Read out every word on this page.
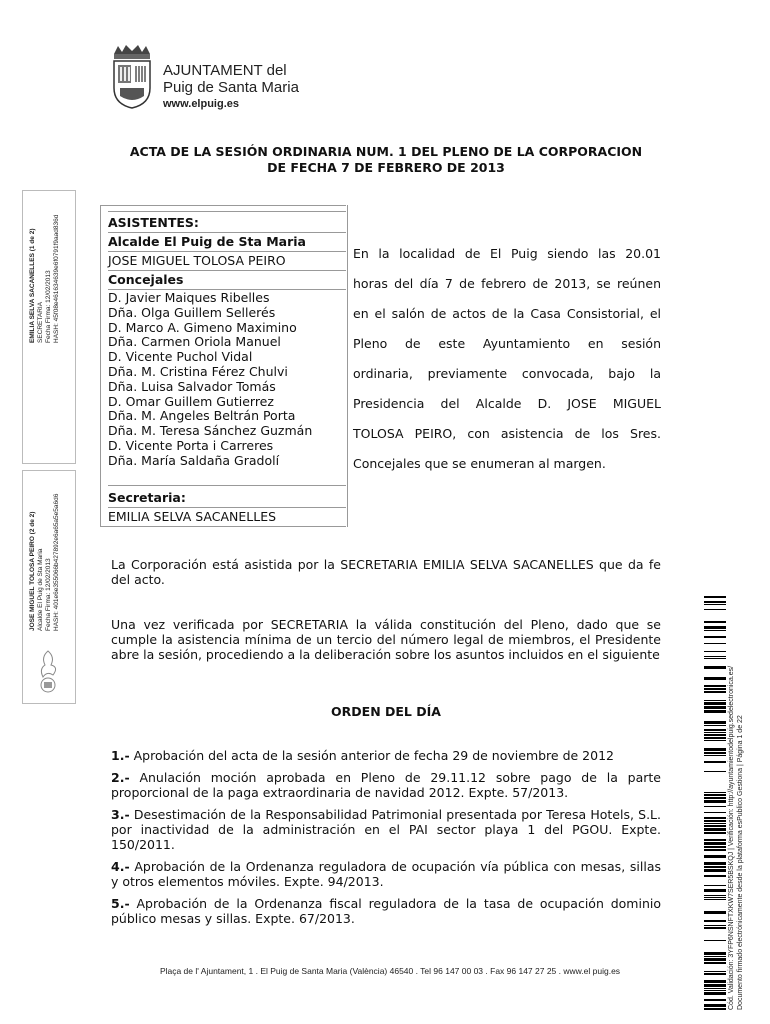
AJUNTAMENT del
Puig de Santa Maria
www.elpuig.es
ACTA DE LA SESIÓN ORDINARIA NUM. 1 DEL PLENO DE LA CORPORACION
DE FECHA 7 DE FEBRERO DE 2013
ASISTENTES:
Alcalde El Puig de Sta Maria
JOSE MIGUEL TOLOSA PEIRO
Concejales
D. Javier Maiques Ribelles
Dña. Olga Guillem Sellerés
D. Marco A. Gimeno Maximino
Dña. Carmen Oriola Manuel
D. Vicente Puchol Vidal
Dña. M. Cristina Férez Chulvi
Dña. Luisa Salvador Tomás
D. Omar Guillem Gutierrez
Dña. M. Angeles Beltrán Porta
Dña. M. Teresa Sánchez Guzmán
D. Vicente Porta i Carreres
Dña. María Saldaña Gradolí
Secretaria:
EMILIA SELVA SACANELLES
En la localidad de El Puig siendo las 20.01
horas del día 7 de febrero de 2013, se reúnen
en el salón de actos de la Casa Consistorial, el
Pleno de este Ayuntamiento en sesión
ordinaria, previamente convocada, bajo la
Presidencia del Alcalde D. JOSE MIGUEL
TOLOSA PEIRO, con asistencia de los Sres.
Concejales que se enumeran al margen.
La Corporación está asistida por la SECRETARIA EMILIA SELVA SACANELLES que da fe del acto.
Una vez verificada por SECRETARIA la válida constitución del Pleno, dado que se cumple la asistencia mínima de un tercio del número legal de miembros, el Presidente abre la sesión, procediendo a la deliberación sobre los asuntos incluidos en el siguiente
ORDEN DEL DÍA
1.- Aprobación del acta de la sesión anterior de fecha 29 de noviembre de 2012
2.- Anulación moción aprobada en Pleno de 29.11.12 sobre pago de la parte proporcional de la paga extraordinaria de navidad 2012. Expte. 57/2013.
3.- Desestimación de la Responsabilidad Patrimonial presentada por Teresa Hotels, S.L. por inactividad de la administración en el PAI sector playa 1 del PGOU. Expte. 150/2011.
4.- Aprobación de la Ordenanza reguladora de ocupación vía pública con mesas, sillas y otros elementos móviles. Expte. 94/2013.
5.- Aprobación de la Ordenanza fiscal reguladora de la tasa de ocupación dominio público mesas y sillas. Expte. 67/2013.
Plaça de l' Ajuntament, 1 . El Puig de Santa Maria (València) 46540 . Tel 96 147 00 03 . Fax 96 147 27 25 . www.el puig.es
EMILIA SELVA SACANELLES (1 de 2) SECRETARIA Fecha Firma: 12/02/2013 HASH: 45f08e461634639e6f0791f9aad836d
JOSE MIGUEL TOLOSA PEIRO (2 de 2) Alcalde El Puig de Sta Maria Fecha Firma: 12/02/2013 HASH: 401e6e355066b427892e6a65a5e5a6d6
Cód. Validación: 3YFP6NSNFTXKW7SER5BSKQJ | Verificación: http://ayuntamientodelpuig.sedelectronica.es/ Documento firmado electrónicamente desde la plataforma esPublico Gestiona | Página 1 de 22
